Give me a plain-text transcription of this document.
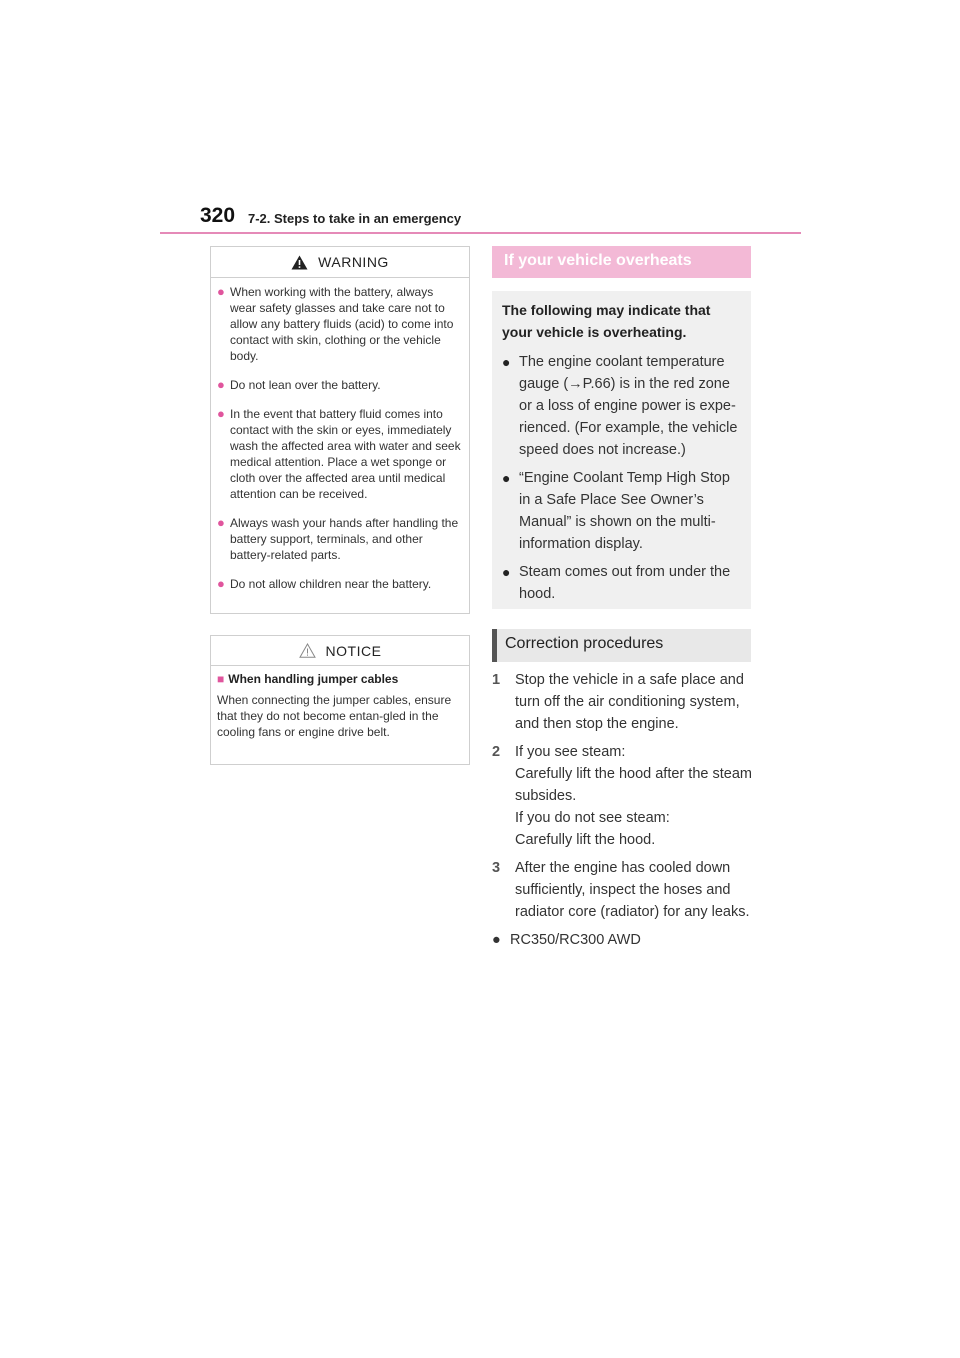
320 7-2. Steps to take in an emergency
WARNING
● When working with the battery, always wear safety glasses and take care not to allow any battery fluids (acid) to come into contact with skin, clothing or the vehicle body.
● Do not lean over the battery.
● In the event that battery fluid comes into contact with the skin or eyes, immediately wash the affected area with water and seek medical attention. Place a wet sponge or cloth over the affected area until medical attention can be received.
● Always wash your hands after handling the battery support, terminals, and other battery-related parts.
● Do not allow children near the battery.
NOTICE
■ When handling jumper cables
When connecting the jumper cables, ensure that they do not become entan-gled in the cooling fans or engine drive belt.
If your vehicle overheats
The following may indicate that your vehicle is overheating.
● The engine coolant temperature gauge (→P.66) is in the red zone or a loss of engine power is expe-rienced. (For example, the vehicle speed does not increase.)
● “Engine Coolant Temp High Stop in a Safe Place See Owner’s Manual” is shown on the multi-information display.
● Steam comes out from under the hood.
Correction procedures
1 Stop the vehicle in a safe place and turn off the air conditioning system, and then stop the engine.
2 If you see steam:
Carefully lift the hood after the steam subsides.
If you do not see steam:
Carefully lift the hood.
3 After the engine has cooled down sufficiently, inspect the hoses and radiator core (radiator) for any leaks.
● RC350/RC300 AWD
